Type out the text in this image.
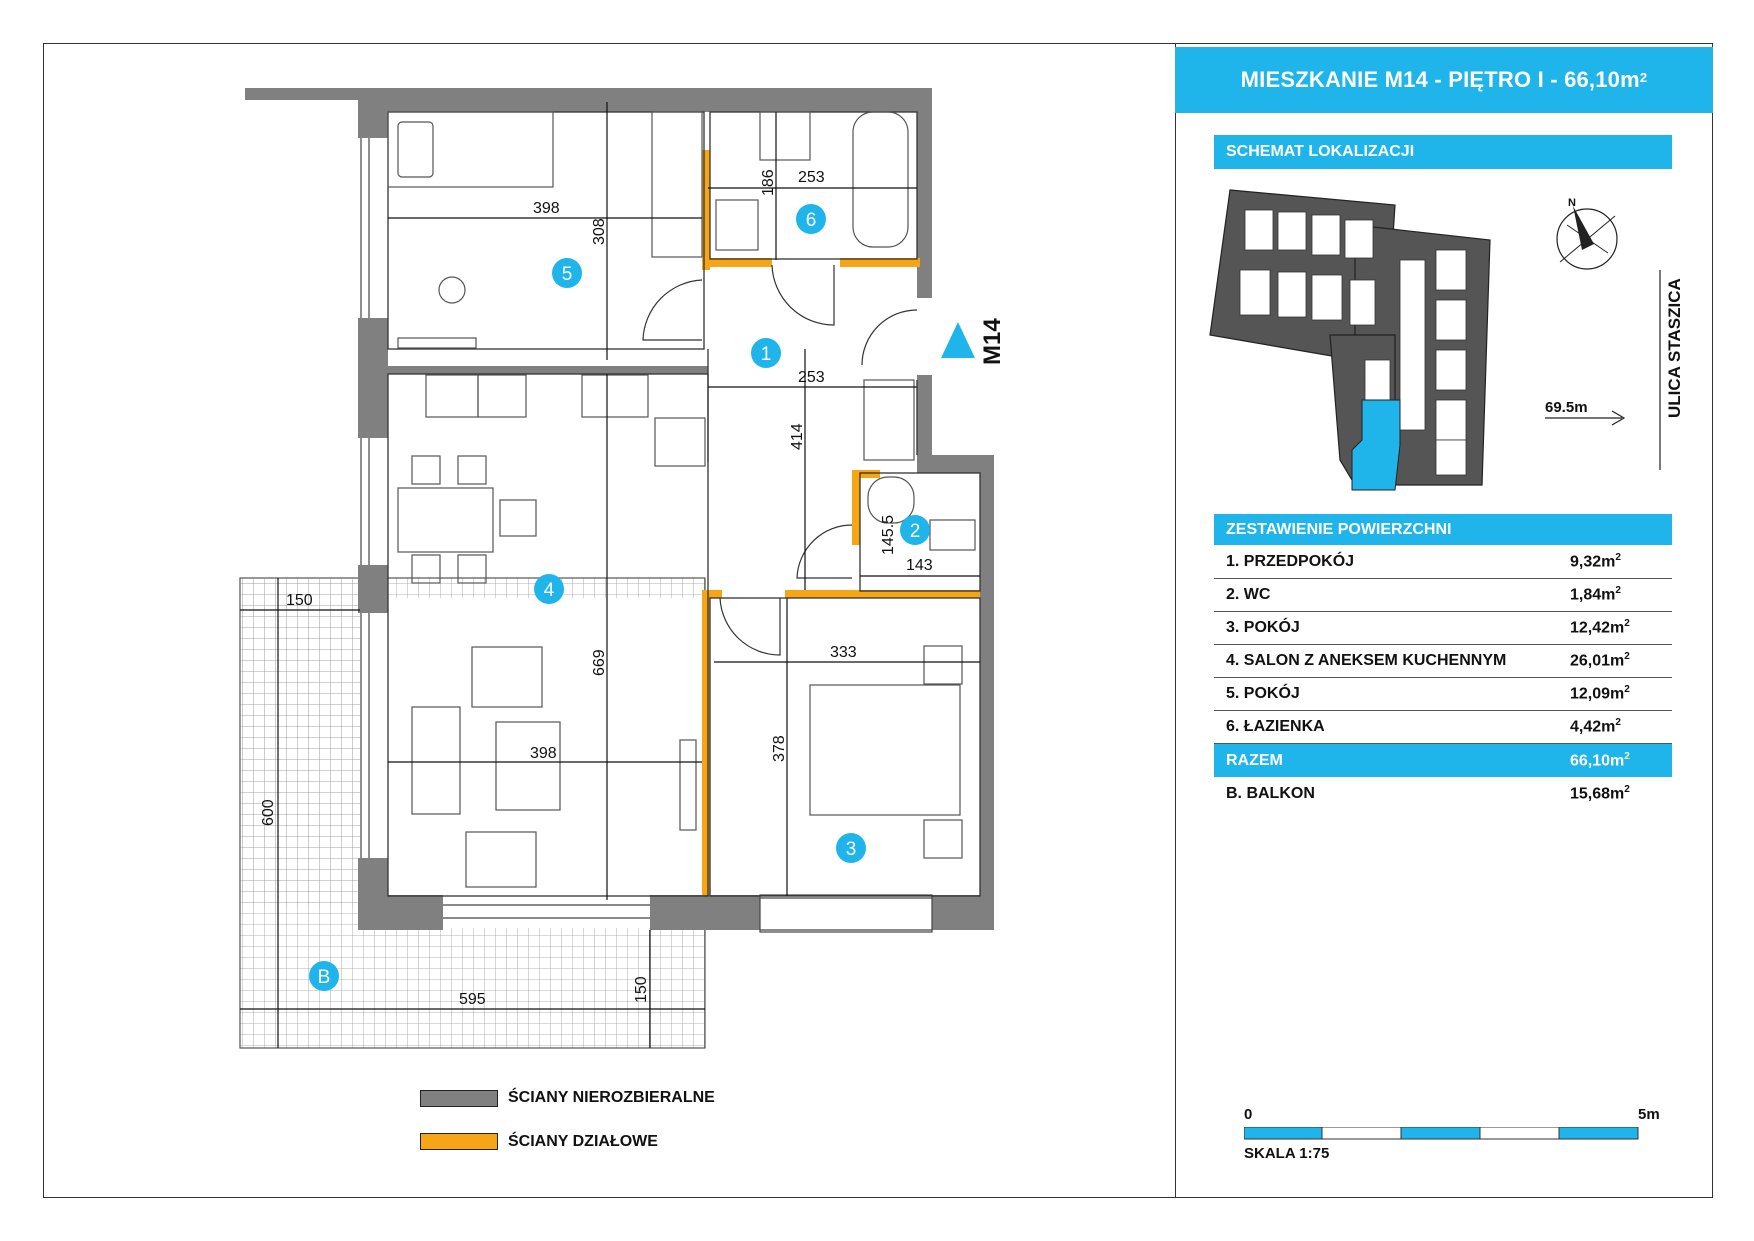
MIESZKANIE M14 - PIĘTRO I - $66,10m^2$
SCHEMAT LOKALIZACJI
ZESTAWIENIE POWIERZCHNI
1. PRZEDPOKÓJ	$9,32m^2$
2. WC	$1,84m^2$
3. POKÓJ	$12,42m^2$
4. SALON Z ANEKSEM KUCHENNYM	$26,01m^2$
5. POKÓJ	$12,09m^2$
6. ŁAZIENKA	$4,42m^2$
RAZEM	$66,10m^2$
B. BALKON	$15,68m^2$
0	5m
SKALA 1:75
ŚCIANY NIEROZBIERALNE
ŚCIANY DZIAŁOWE
398
308
186 253
253
414
145.5
143
669	333
378
398
150
600
595	150
5
6
1
2
4
3
B
M14	ULICA STASZICA
69.5m
N
